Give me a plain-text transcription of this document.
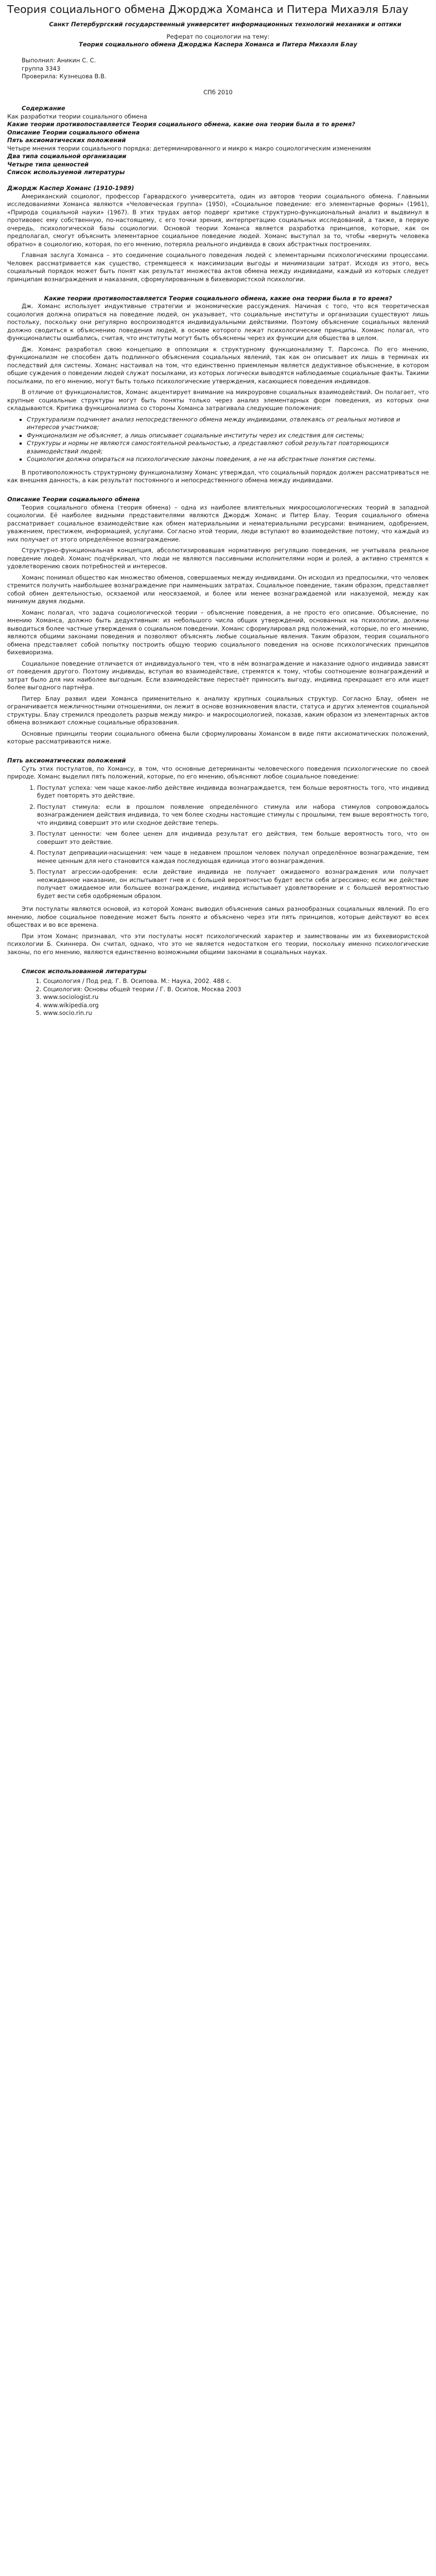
Теория социального обмена Джорджа Хоманса и Питера Михаэля Блау
Санкт Петербургский государственный университет информационных технологий механики и оптики
Реферат по социологии на тему:
Теория социального обмена Джорджа Каспера Хоманса и Питера Михаэля Блау
Выполнил: Аникин С. С.
группа 3343
Проверила: Кузнецова В.В.
СПб 2010
Содержание
Как разработки теории социального обмена
Какие теории противопоставляется Теория социального обмена, какие она теории была в то время?
Описание Теории социального обмена
Пять аксиоматических положений
Четыре мнения теории социального порядка: детерминированного и микро к макро социологическим изменениям
Два типа социальной организации
Четыре типа ценностей
Список используемой литературы
Джордж Каспер Хоманс (1910-1989)

Американский социолог, профессор Гарвардского университета, один из авторов теории социального обмена. Главными исследованиями Хоманса являются «Человеческая группа» (1950), «Социальное поведение: его элементарные формы» (1961), «Природа социальной науки» (1967). В этих трудах автор подверг критике структурно-функциональный анализ и выдвинул в противовес ему собственную, по-настоящему, с его точки зрения, интерпретацию социальных исследований, а также, в первую очередь, психологической базы социологии. Основой теории Хоманса является разработка принципов, которые, как он предполагал, смогут объяснить элементарное социальное поведение людей. Хоманс выступал за то, чтобы «вернуть человека обратно» в социологию, которая, по его мнению, потеряла реального индивида в своих абстрактных построениях.

Главная заслуга Хоманса – это соединение социального поведения людей с элементарными психологическими процессами. Человек рассматривается как существо, стремящееся к максимизации выгоды и минимизации затрат. Исходя из этого, весь социальный порядок может быть понят как результат множества актов обмена между индивидами, каждый из которых следует принципам вознаграждения и наказания, сформулированным в бихевиористской психологии.

Какие теории противопоставляется Теория социального обмена, какие она теории была в то время?

Дж. Хоманс использует индуктивные стратегии и экономические рассуждения. Начиная с того, что вся теоретическая социология должна опираться на поведение людей, он указывает, что социальные институты и организации существуют лишь постольку, поскольку они регулярно воспроизводятся индивидуальными действиями. Поэтому объяснение социальных явлений должно сводиться к объяснению поведения людей, в основе которого лежат психологические принципы. Хоманс полагал, что функционалисты ошибались, считая, что институты могут быть объяснены через их функции для общества в целом.

Дж. Хоманс разработал свою концепцию в оппозиции к структурному функционализму Т. Парсонса. По его мнению, функционализм не способен дать подлинного объяснения социальных явлений, так как он описывает их лишь в терминах их последствий для системы. Хоманс настаивал на том, что единственно приемлемым является дедуктивное объяснение, в котором общие суждения о поведении людей служат посылками, из которых логически выводятся наблюдаемые социальные факты. Такими посылками, по его мнению, могут быть только психологические утверждения, касающиеся поведения индивидов.

В отличие от функционалистов, Хоманс акцентирует внимание на микроуровне социальных взаимодействий. Он полагает, что крупные социальные структуры могут быть поняты только через анализ элементарных форм поведения, из которых они складываются. Критика функционализма со стороны Хоманса затрагивала следующие положения:

▪ Структурализм подчиняет анализ непосредственного обмена между индивидами, отвлекаясь от реальных мотивов и интересов участников;
▪ Функционализм не объясняет, а лишь описывает социальные институты через их следствия для системы;
▪ Структуры и нормы не являются самостоятельной реальностью, а представляют собой результат повторяющихся взаимодействий людей;
▪ Социология должна опираться на психологические законы поведения, а не на абстрактные понятия системы.

В противоположность структурному функционализму Хоманс утверждал, что социальный порядок должен рассматриваться не как внешняя данность, а как результат постоянного и непосредственного обмена между индивидами.

Описание Теории социального обмена

Теория социального обмена (теория обмена) – одна из наиболее влиятельных микросоциологических теорий в западной социологии. Её наиболее видными представителями являются Джордж Хоманс и Питер Блау. Теория социального обмена рассматривает социальное взаимодействие как обмен материальными и нематериальными ресурсами: вниманием, одобрением, уважением, престижем, информацией, услугами. Согласно этой теории, люди вступают во взаимодействие потому, что каждый из них получает от этого определённое вознаграждение.

Структурно-функциональная концепция, абсолютизировавшая нормативную регуляцию поведения, не учитывала реальное поведение людей. Хоманс подчёркивал, что люди не являются пассивными исполнителями норм и ролей, а активно стремятся к удовлетворению своих потребностей и интересов.

Хоманс понимал общество как множество обменов, совершаемых между индивидами. Он исходил из предпосылки, что человек стремится получить наибольшее вознаграждение при наименьших затратах. Социальное поведение, таким образом, представляет собой обмен деятельностью, осязаемой или неосязаемой, и более или менее вознаграждаемой или наказуемой, между как минимум двумя людьми.

Хоманс полагал, что задача социологической теории – объяснение поведения, а не просто его описание. Объяснение, по мнению Хоманса, должно быть дедуктивным: из небольшого числа общих утверждений, основанных на психологии, должны выводиться более частные утверждения о социальном поведении. Хоманс сформулировал ряд положений, которые, по его мнению, являются общими законами поведения и позволяют объяснять любые социальные явления. Таким образом, теория социального обмена представляет собой попытку построить общую теорию социального поведения на основе психологических принципов бихевиоризма.

Социальное поведение отличается от индивидуального тем, что в нём вознаграждение и наказание одного индивида зависят от поведения другого. Поэтому индивиды, вступая во взаимодействие, стремятся к тому, чтобы соотношение вознаграждений и затрат было для них наиболее выгодным. Если взаимодействие перестаёт приносить выгоду, индивид прекращает его или ищет более выгодного партнёра.

Питер Блау развил идеи Хоманса применительно к анализу крупных социальных структур. Согласно Блау, обмен не ограничивается межличностными отношениями, он лежит в основе возникновения власти, статуса и других элементов социальной структуры. Блау стремился преодолеть разрыв между микро- и макросоциологией, показав, каким образом из элементарных актов обмена возникают сложные социальные образования.

Основные принципы теории социального обмена были сформулированы Хомансом в виде пяти аксиоматических положений, которые рассматриваются ниже.

Пять аксиоматических положений

Суть этих постулатов, по Хомансу, в том, что основные детерминанты человеческого поведения психологические по своей природе. Хоманс выделил пять положений, которые, по его мнению, объясняют любое социальное поведение:

1. Постулат успеха: чем чаще какое-либо действие индивида вознаграждается, тем больше вероятность того, что индивид будет повторять это действие.
2. Постулат стимула: если в прошлом появление определённого стимула или набора стимулов сопровождалось вознаграждением действия индивида, то чем более сходны настоящие стимулы с прошлыми, тем выше вероятность того, что индивид совершит это или сходное действие теперь.
3. Постулат ценности: чем более ценен для индивида результат его действия, тем больше вероятность того, что он совершит это действие.
4. Постулат депривации-насыщения: чем чаще в недавнем прошлом человек получал определённое вознаграждение, тем менее ценным для него становится каждая последующая единица этого вознаграждения.
5. Постулат агрессии-одобрения: если действие индивида не получает ожидаемого вознаграждения или получает неожиданное наказание, он испытывает гнев и с большей вероятностью будет вести себя агрессивно; если же действие получает ожидаемое или большее вознаграждение, индивид испытывает удовлетворение и с большей вероятностью будет вести себя одобряемым образом.

Эти постулаты являются основой, из которой Хоманс выводил объяснения самых разнообразных социальных явлений. По его мнению, любое социальное поведение может быть понято и объяснено через эти пять принципов, которые действуют во всех обществах и во все времена.

При этом Хоманс признавал, что эти постулаты носят психологический характер и заимствованы им из бихевиористской психологии Б. Скиннера. Он считал, однако, что это не является недостатком его теории, поскольку именно психологические законы, по его мнению, являются единственно возможными общими законами в социальных науках.

Список использованной литературы
1. Социология / Под ред. Г. В. Осипова. М.: Наука, 2002. 488 с.
2. Социология: Основы общей теории / Г. В. Осипов, Москва 2003
3. www.sociologist.ru
4. www.wikipedia.org
5. www.socio.rin.ru
